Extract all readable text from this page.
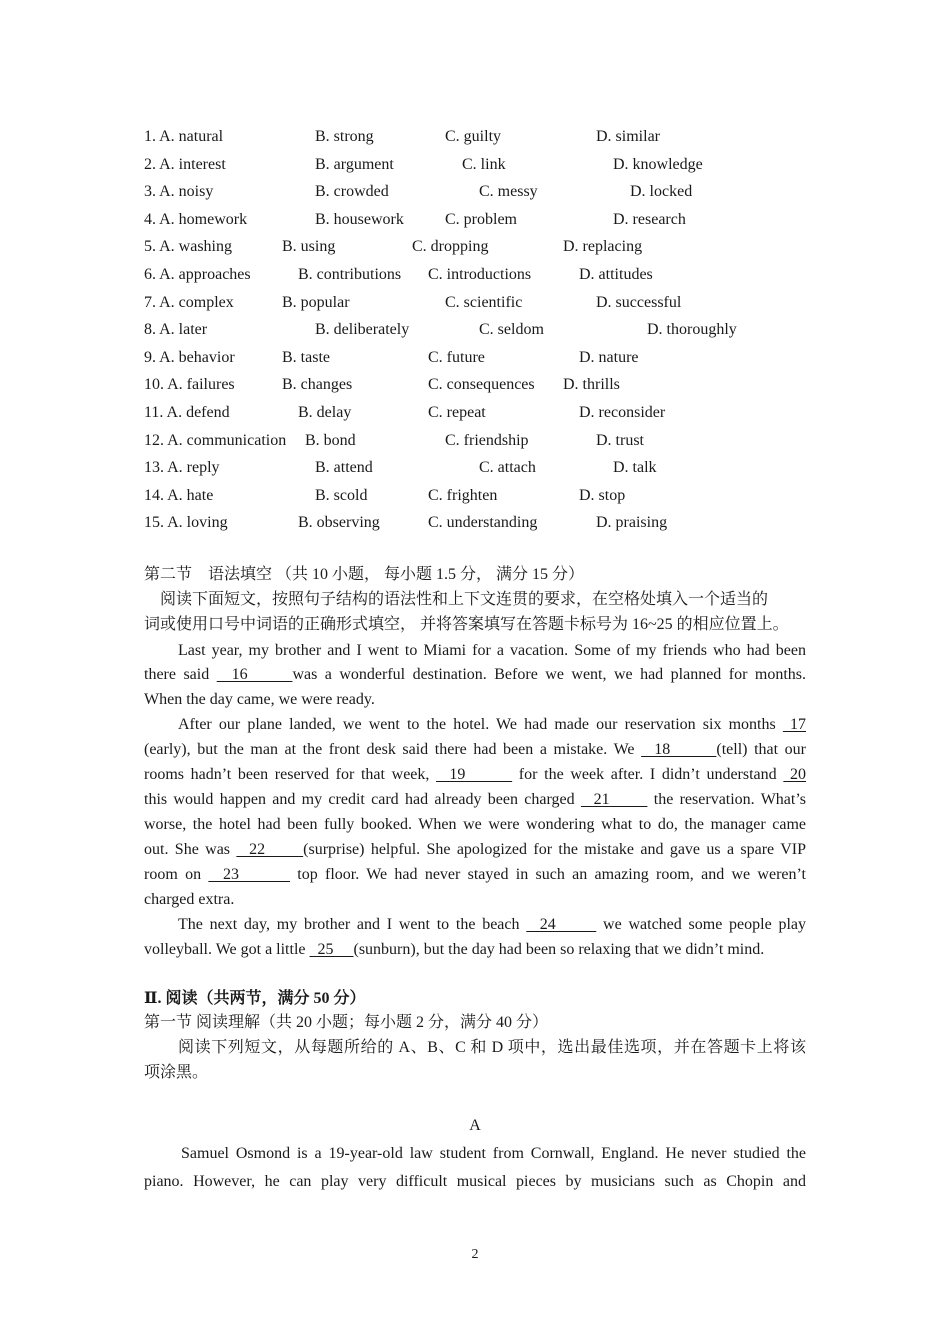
1. A. natural	B. strong	C. guilty	D. similar
2. A. interest	B. argument	C. link	D. knowledge
3. A. noisy	B. crowded	C. messy	D. locked
4. A. homework	B. housework	C. problem	D. research
5. A. washing	B. using	C. dropping	D. replacing
6. A. approaches	B. contributions C. introductions	D. attitudes
7. A. complex	B. popular	C. scientific	D. successful
8. A. later	B. deliberately	C. seldom	D. thoroughly
9. A. behavior	B. taste	C. future	D. nature
10. A. failures	B. changes	C. consequences D. thrills
11. A. defend	B. delay	C. repeat	D. reconsider
12. A. communication B. bond	C. friendship	D. trust
13. A. reply	B. attend	C. attach	D. talk
14. A. hate	B. scold	C. frighten	D. stop
15. A. loving	B. observing	C. understanding	D. praising
第二节　语法填空 （共 10 小题， 每小题 1.5 分， 满分 15 分）
阅读下面短文，按照句子结构的语法性和上下文连贯的要求，在空格处填入一个适当的
词或使用口号中词语的正确形式填空， 并将答案填写在答题卡标号为 16~25 的相应位置上。
Last year, my brother and I went to Miami for a vacation. Some of my friends who had been
there said   16      was a wonderful destination. Before we went, we had planned for months.
When the day came, we were ready.
After our plane landed, we went to the hotel. We had made our reservation six months  17
(early), but the man at the front desk said there had been a mistake. We   18       (tell) that our
rooms hadn’t been reserved for that week,   19        for the week after. I didn’t understand  20
this would happen and my credit card had already been charged   21       the reservation. What’s
worse, the hotel had been fully booked. When we were wondering what to do, the manager came
out. She was   22      (surprise) helpful. She apologized for the mistake and gave us a spare VIP
room on   23        top floor. We had never stayed in such an amazing room, and we weren’t
charged extra.
The next day, my brother and I went to the beach   24       we watched some people play
volleyball. We got a little   25     (sunburn), but the day had been so relaxing that we didn’t mind.
Ⅱ. 阅读（共两节，满分 50 分）
第一节 阅读理解（共 20 小题；每小题 2 分，满分 40 分）
阅读下列短文，从每题所给的 A、B、C 和 D 项中，选出最佳选项，并在答题卡上将该
项涂黑。
A
Samuel Osmond is a 19-year-old law student from Cornwall, England. He never studied the
piano. However, he can play very difficult musical pieces by musicians such as Chopin and
2
